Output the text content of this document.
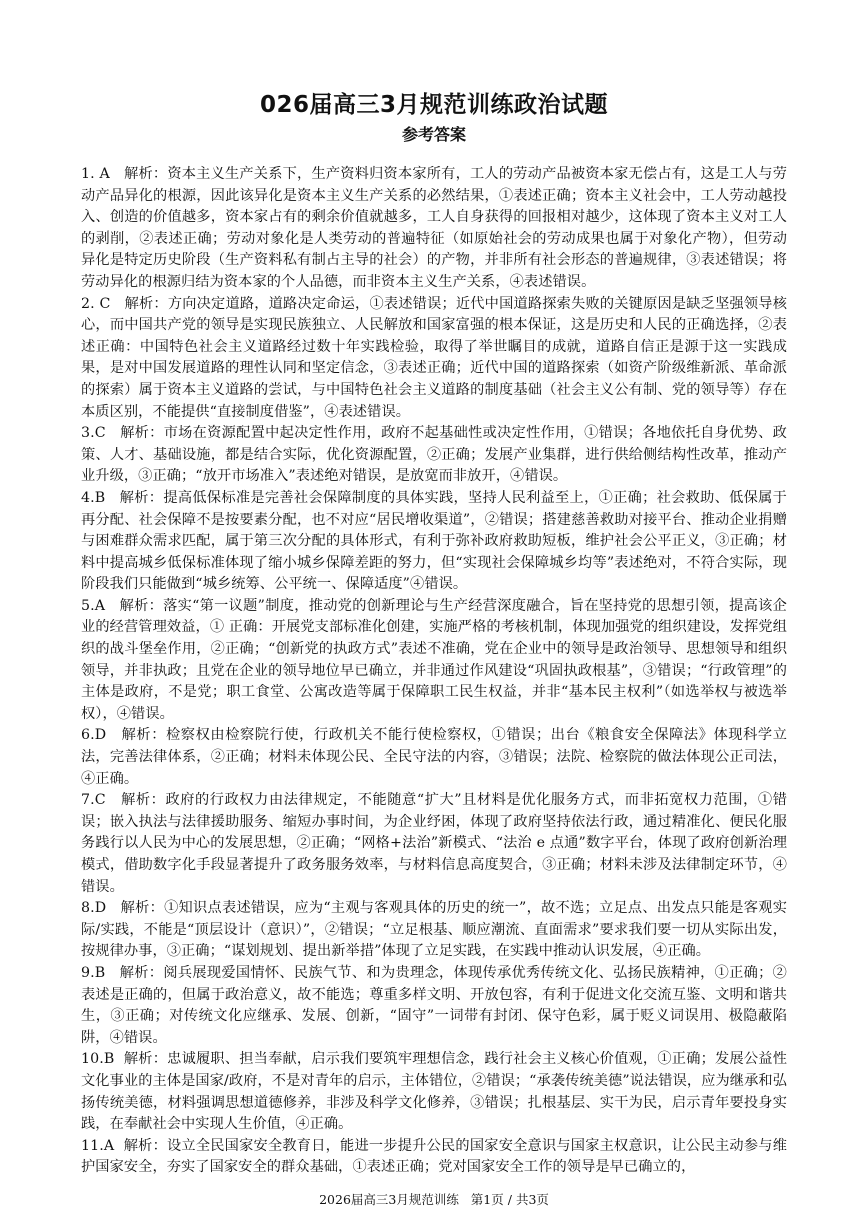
026届高三3月规范训练政治试题
参考答案

1. A 解析：资本主义生产关系下，生产资料归资本家所有，工人的劳动产品被资本家无偿占有，这是工人与劳动产品异化的根源，因此该异化是资本主义生产关系的必然结果，①表述正确；资本主义社会中，工人劳动越投入、创造的价值越多，资本家占有的剩余价值就越多，工人自身获得的回报相对越少，这体现了资本主义对工人的剥削，②表述正确；劳动对象化是人类劳动的普遍特征（如原始社会的劳动成果也属于对象化产物），但劳动异化是特定历史阶段（生产资料私有制占主导的社会）的产物，并非所有社会形态的普遍规律，③表述错误；将劳动异化的根源归结为资本家的个人品德，而非资本主义生产关系，④表述错误。

2. C 解析：方向决定道路，道路决定命运，①表述错误；近代中国道路探索失败的关键原因是缺乏坚强领导核心，而中国共产党的领导是实现民族独立、人民解放和国家富强的根本保证，这是历史和人民的正确选择，②表述正确：中国特色社会主义道路经过数十年实践检验，取得了举世瞩目的成就，道路自信正是源于这一实践成果，是对中国发展道路的理性认同和坚定信念，③表述正确；近代中国的道路探索（如资产阶级维新派、革命派的探索）属于资本主义道路的尝试，与中国特色社会主义道路的制度基础（社会主义公有制、党的领导等）存在本质区别，不能提供“直接制度借鉴”，④表述错误。

3.C 解析：市场在资源配置中起决定性作用，政府不起基础性或决定性作用，①错误；各地依托自身优势、政策、人才、基础设施，都是结合实际，优化资源配置，②正确；发展产业集群，进行供给侧结构性改革，推动产业升级，③正确；“放开市场准入”表述绝对错误，是放宽而非放开，④错误。

4.B 解析：提高低保标准是完善社会保障制度的具体实践，坚持人民利益至上，①正确；社会救助、低保属于再分配、社会保障不是按要素分配，也不对应“居民增收渠道”，②错误；搭建慈善救助对接平台、推动企业捐赠与困难群众需求匹配，属于第三次分配的具体形式，有利于弥补政府救助短板，维护社会公平正义，③正确；材料中提高城乡低保标准体现了缩小城乡保障差距的努力，但“实现社会保障城乡均等”表述绝对，不符合实际，现阶段我们只能做到“城乡统筹、公平统一、保障适度”④错误。

5.A 解析：落实“第一议题”制度，推动党的创新理论与生产经营深度融合，旨在坚持党的思想引领，提高该企业的经营管理效益，① 正确：开展党支部标准化创建，实施严格的考核机制，体现加强党的组织建设，发挥党组织的战斗堡垒作用，②正确；“创新党的执政方式”表述不准确，党在企业中的领导是政治领导、思想领导和组织领导，并非执政；且党在企业的领导地位早已确立，并非通过作风建设“巩固执政根基”，③错误；“行政管理”的主体是政府，不是党；职工食堂、公寓改造等属于保障职工民生权益，并非“基本民主权利”（如选举权与被选举权），④错误。

6.D 解析：检察权由检察院行使，行政机关不能行使检察权，①错误；出台《粮食安全保障法》体现科学立法，完善法律体系，②正确；材料未体现公民、全民守法的内容，③错误；法院、检察院的做法体现公正司法，④正确。

7.C 解析：政府的行政权力由法律规定，不能随意“扩大”且材料是优化服务方式，而非拓宽权力范围，①错误；嵌入执法与法律援助服务、缩短办事时间，为企业纾困，体现了政府坚持依法行政，通过精准化、便民化服务践行以人民为中心的发展思想，②正确；“网格+法治”新模式、“法治 e 点通”数字平台，体现了政府创新治理模式，借助数字化手段显著提升了政务服务效率，与材料信息高度契合，③正确；材料未涉及法律制定环节，④错误。

8.D 解析：①知识点表述错误，应为“主观与客观具体的历史的统一”，故不选；立足点、出发点只能是客观实际/实践，不能是“顶层设计（意识）”，②错误；“立足根基、顺应潮流、直面需求”要求我们要一切从实际出发，按规律办事，③正确；“谋划规划、提出新举措”体现了立足实践，在实践中推动认识发展，④正确。

9.B 解析：阅兵展现爱国情怀、民族气节、和为贵理念，体现传承优秀传统文化、弘扬民族精神，①正确；②表述是正确的，但属于政治意义，故不能选；尊重多样文明、开放包容，有利于促进文化交流互鉴、文明和谐共生，③正确；对传统文化应继承、发展、创新，“固守”一词带有封闭、保守色彩，属于贬义词误用、极隐蔽陷阱，④错误。

10.B 解析：忠诚履职、担当奉献，启示我们要筑牢理想信念，践行社会主义核心价值观，①正确；发展公益性文化事业的主体是国家/政府，不是对青年的启示，主体错位，②错误；“承袭传统美德”说法错误，应为继承和弘扬传统美德，材料强调思想道德修养，非涉及科学文化修养，③错误；扎根基层、实干为民，启示青年要投身实践，在奉献社会中实现人生价值，④正确。

11.A 解析：设立全民国家安全教育日，能进一步提升公民的国家安全意识与国家主权意识，让公民主动参与维护国家安全，夯实了国家安全的群众基础，①表述正确；党对国家安全工作的领导是早已确立的，

2026届高三3月规范训练 第1页 / 共3页
